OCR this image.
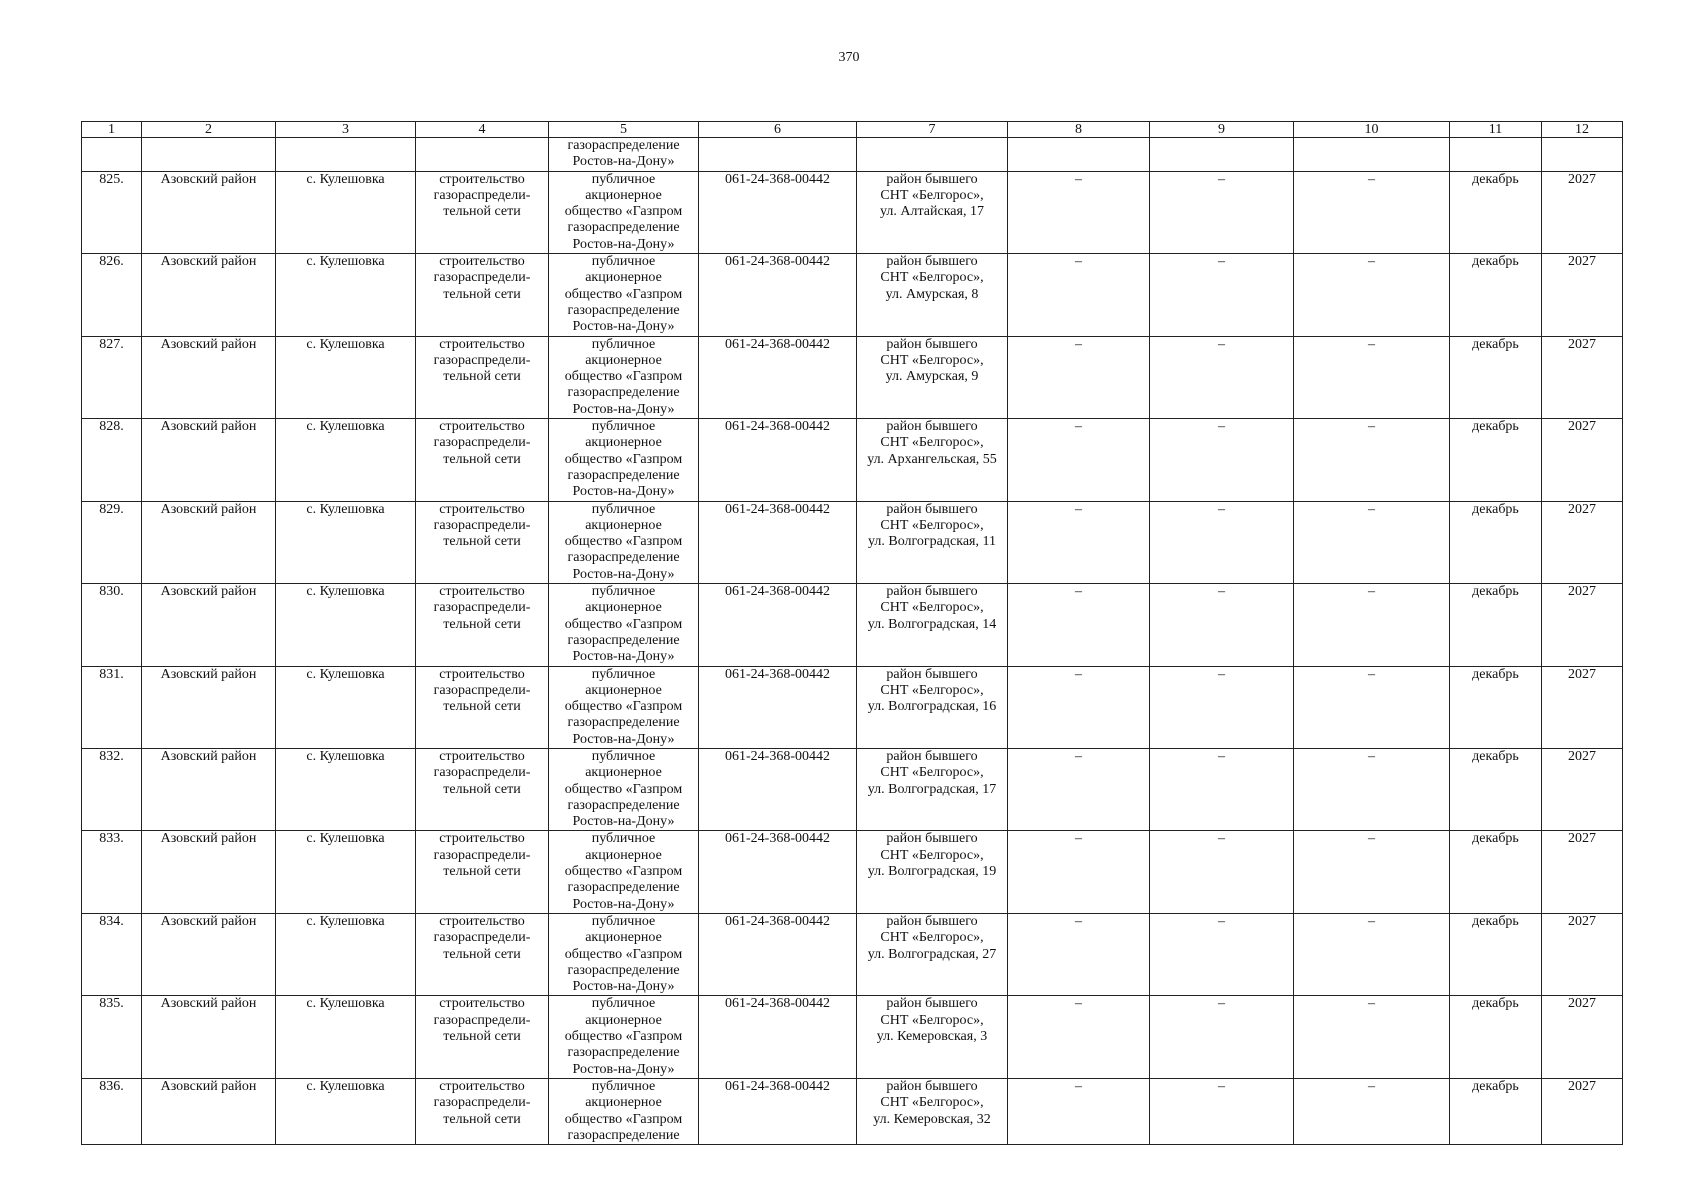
370
1	2	3	4	5	6	7	8	9	10	11	12

				газораспределение
Ростов-на-Дону»							

825.	Азовский район	с. Кулешовка	строительство
газораспредели-
тельной сети	публичное
акционерное
общество «Газпром
газораспределение
Ростов-на-Дону»	061-24-368-00442	район бывшего
СНТ «Белгорос»,
ул. Алтайская, 17	–	–	–	декабрь	2027
826.	Азовский район	с. Кулешовка	строительство
газораспредели-
тельной сети	публичное
акционерное
общество «Газпром
газораспределение
Ростов-на-Дону»	061-24-368-00442	район бывшего
СНТ «Белгорос»,
ул. Амурская, 8	–	–	–	декабрь	2027
827.	Азовский район	с. Кулешовка	строительство
газораспредели-
тельной сети	публичное
акционерное
общество «Газпром
газораспределение
Ростов-на-Дону»	061-24-368-00442	район бывшего
СНТ «Белгорос»,
ул. Амурская, 9	–	–	–	декабрь	2027
828.	Азовский район	с. Кулешовка	строительство
газораспредели-
тельной сети	публичное
акционерное
общество «Газпром
газораспределение
Ростов-на-Дону»	061-24-368-00442	район бывшего
СНТ «Белгорос»,
ул. Архангельская, 55	–	–	–	декабрь	2027
829.	Азовский район	с. Кулешовка	строительство
газораспредели-
тельной сети	публичное
акционерное
общество «Газпром
газораспределение
Ростов-на-Дону»	061-24-368-00442	район бывшего
СНТ «Белгорос»,
ул. Волгоградская, 11	–	–	–	декабрь	2027
830.	Азовский район	с. Кулешовка	строительство
газораспредели-
тельной сети	публичное
акционерное
общество «Газпром
газораспределение
Ростов-на-Дону»	061-24-368-00442	район бывшего
СНТ «Белгорос»,
ул. Волгоградская, 14	–	–	–	декабрь	2027
831.	Азовский район	с. Кулешовка	строительство
газораспредели-
тельной сети	публичное
акционерное
общество «Газпром
газораспределение
Ростов-на-Дону»	061-24-368-00442	район бывшего
СНТ «Белгорос»,
ул. Волгоградская, 16	–	–	–	декабрь	2027
832.	Азовский район	с. Кулешовка	строительство
газораспредели-
тельной сети	публичное
акционерное
общество «Газпром
газораспределение
Ростов-на-Дону»	061-24-368-00442	район бывшего
СНТ «Белгорос»,
ул. Волгоградская, 17	–	–	–	декабрь	2027
833.	Азовский район	с. Кулешовка	строительство
газораспредели-
тельной сети	публичное
акционерное
общество «Газпром
газораспределение
Ростов-на-Дону»	061-24-368-00442	район бывшего
СНТ «Белгорос»,
ул. Волгоградская, 19	–	–	–	декабрь	2027
834.	Азовский район	с. Кулешовка	строительство
газораспредели-
тельной сети	публичное
акционерное
общество «Газпром
газораспределение
Ростов-на-Дону»	061-24-368-00442	район бывшего
СНТ «Белгорос»,
ул. Волгоградская, 27	–	–	–	декабрь	2027
835.	Азовский район	с. Кулешовка	строительство
газораспредели-
тельной сети	публичное
акционерное
общество «Газпром
газораспределение
Ростов-на-Дону»	061-24-368-00442	район бывшего
СНТ «Белгорос»,
ул. Кемеровская, 3	–	–	–	декабрь	2027
836.	Азовский район	с. Кулешовка	строительство
газораспредели-
тельной сети	публичное
акционерное
общество «Газпром
газораспределение	061-24-368-00442	район бывшего
СНТ «Белгорос»,
ул. Кемеровская, 32	–	–	–	декабрь	2027
